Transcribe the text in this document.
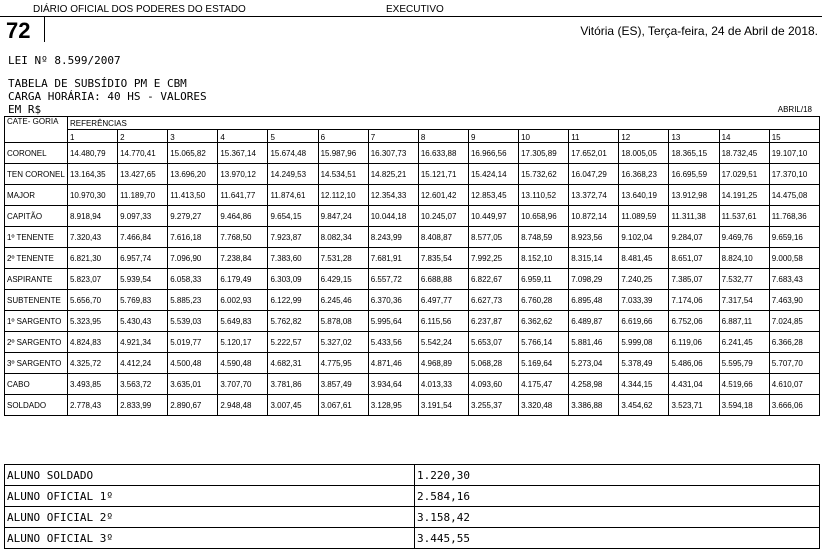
DIÁRIO OFICIAL DOS PODERES DO ESTADO	EXECUTIVO
72	Vitória (ES), Terça-feira, 24 de Abril de 2018.
LEI Nº 8.599/2007
TABELA DE SUBSÍDIO PM E CBM
CARGA HORÁRIA: 40 HS - VALORES
EM R$	ABRIL/18
CATE- GORIA	REFERÊNCIAS														
	1	2	3	4	5	6	7	8	9	10	11	12	13	14	15
CORONEL	14.480,79	14.770,41	15.065,82	15.367,14	15.674,48	15.987,96	16.307,73	16.633,88	16.966,56	17.305,89	17.652,01	18.005,05	18.365,15	18.732,45	19.107,10
TEN CORONEL	13.164,35	13.427,65	13.696,20	13.970,12	14.249,53	14.534,51	14.825,21	15.121,71	15.424,14	15.732,62	16.047,29	16.368,23	16.695,59	17.029,51	17.370,10
MAJOR	10.970,30	11.189,70	11.413,50	11.641,77	11.874,61	12.112,10	12.354,33	12.601,42	12.853,45	13.110,52	13.372,74	13.640,19	13.912,98	14.191,25	14.475,08
CAPITÃO	8.918,94	9.097,33	9.279,27	9.464,86	9.654,15	9.847,24	10.044,18	10.245,07	10.449,97	10.658,96	10.872,14	11.089,59	11.311,38	11.537,61	11.768,36
1º TENENTE	7.320,43	7.466,84	7.616,18	7.768,50	7.923,87	8.082,34	8.243,99	8.408,87	8.577,05	8.748,59	8.923,56	9.102,04	9.284,07	9.469,76	9.659,16
2º TENENTE	6.821,30	6.957,74	7.096,90	7.238,84	7.383,60	7.531,28	7.681,91	7.835,54	7.992,25	8.152,10	8.315,14	8.481,45	8.651,07	8.824,10	9.000,58
ASPIRANTE	5.823,07	5.939,54	6.058,33	6.179,49	6.303,09	6.429,15	6.557,72	6.688,88	6.822,67	6.959,11	7.098,29	7.240,25	7.385,07	7.532,77	7.683,43
SUBTENENTE	5.656,70	5.769,83	5.885,23	6.002,93	6.122,99	6.245,46	6.370,36	6.497,77	6.627,73	6.760,28	6.895,48	7.033,39	7.174,06	7.317,54	7.463,90
1º SARGENTO	5.323,95	5.430,43	5.539,03	5.649,83	5.762,82	5.878,08	5.995,64	6.115,56	6.237,87	6.362,62	6.489,87	6.619,66	6.752,06	6.887,11	7.024,85
2º SARGENTO	4.824,83	4.921,34	5.019,77	5.120,17	5.222,57	5.327,02	5.433,56	5.542,24	5.653,07	5.766,14	5.881,46	5.999,08	6.119,06	6.241,45	6.366,28
3º SARGENTO	4.325,72	4.412,24	4.500,48	4.590,48	4.682,31	4.775,95	4.871,46	4.968,89	5.068,28	5.169,64	5.273,04	5.378,49	5.486,06	5.595,79	5.707,70
CABO	3.493,85	3.563,72	3.635,01	3.707,70	3.781,86	3.857,49	3.934,64	4.013,33	4.093,60	4.175,47	4.258,98	4.344,15	4.431,04	4.519,66	4.610,07
SOLDADO	2.778,43	2.833,99	2.890,67	2.948,48	3.007,45	3.067,61	3.128,95	3.191,54	3.255,37	3.320,48	3.386,88	3.454,62	3.523,71	3.594,18	3.666,06
ALUNO SOLDADO	1.220,30
ALUNO OFICIAL 1º	2.584,16
ALUNO OFICIAL 2º	3.158,42
ALUNO OFICIAL 3º	3.445,55
